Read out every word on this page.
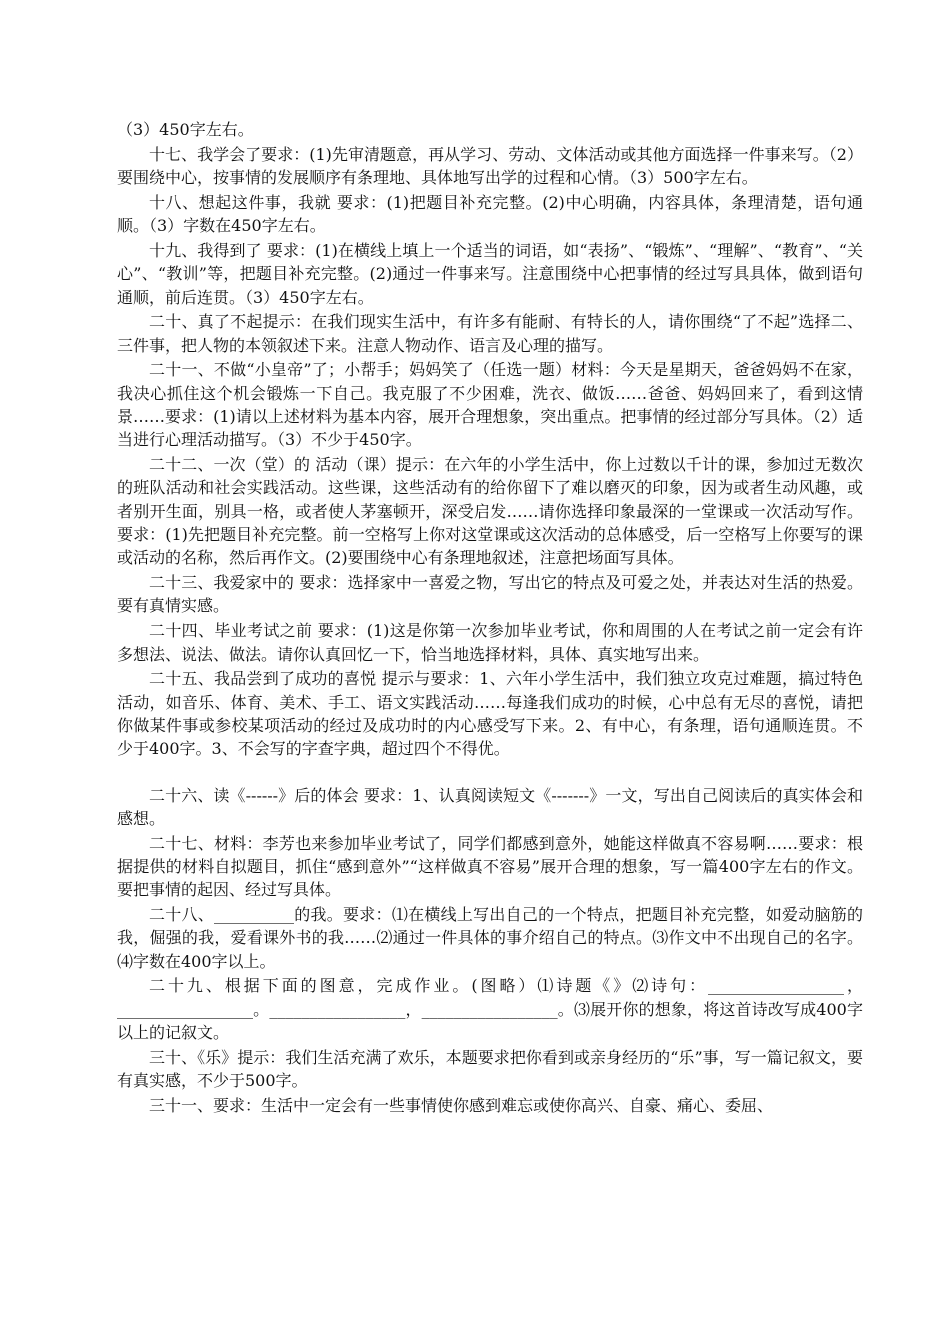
（3）450字左右。

十七、我学会了要求：(1)先审清题意，再从学习、劳动、文体活动或其他方面选择一件事来写。（2）要围绕中心，按事情的发展顺序有条理地、具体地写出学的过程和心情。（3）500字左右。

十八、想起这件事，我就 要求：(1)把题目补充完整。(2)中心明确，内容具体，条理清楚，语句通顺。（3）字数在450字左右。

十九、我得到了 要求：(1)在横线上填上一个适当的词语，如“表扬”、“锻炼”、“理解”、“教育”、“关心”、“教训”等，把题目补充完整。(2)通过一件事来写。注意围绕中心把事情的经过写具具体，做到语句通顺，前后连贯。（3）450字左右。

二十、真了不起提示：在我们现实生活中，有许多有能耐、有特长的人，请你围绕“了不起”选择二、三件事，把人物的本领叙述下来。注意人物动作、语言及心理的描写。

二十一、不做“小皇帝”了；小帮手；妈妈笑了（任选一题）材料：今天是星期天，爸爸妈妈不在家，我决心抓住这个机会锻炼一下自己。我克服了不少困难，洗衣、做饭……爸爸、妈妈回来了，看到这情景……要求：(1)请以上述材料为基本内容，展开合理想象，突出重点。把事情的经过部分写具体。（2）适当进行心理活动描写。（3）不少于450字。

二十二、一次（堂）的 活动（课）提示：在六年的小学生活中，你上过数以千计的课，参加过无数次的班队活动和社会实践活动。这些课，这些活动有的给你留下了难以磨灭的印象，因为或者生动风趣，或者别开生面，别具一格，或者使人茅塞顿开，深受启发……请你选择印象最深的一堂课或一次活动写作。要求：(1)先把题目补充完整。前一空格写上你对这堂课或这次活动的总体感受，后一空格写上你要写的课或活动的名称，然后再作文。(2)要围绕中心有条理地叙述，注意把场面写具体。

二十三、我爱家中的 要求：选择家中一喜爱之物，写出它的特点及可爱之处，并表达对生活的热爱。要有真情实感。

二十四、毕业考试之前 要求：(1)这是你第一次参加毕业考试，你和周围的人在考试之前一定会有许多想法、说法、做法。请你认真回忆一下，恰当地选择材料，具体、真实地写出来。

二十五、我品尝到了成功的喜悦 提示与要求：1、六年小学生活中，我们独立攻克过难题，搞过特色活动，如音乐、体育、美术、手工、语文实践活动……每逢我们成功的时候，心中总有无尽的喜悦，请把你做某件事或参校某项活动的经过及成功时的内心感受写下来。2、有中心，有条理，语句通顺连贯。不少于400字。3、不会写的字查字典，超过四个不得优。

二十六、读《------》后的体会 要求：1、认真阅读短文《-------》一文，写出自己阅读后的真实体会和感想。

二十七、材料：李芳也来参加毕业考试了，同学们都感到意外，她能这样做真不容易啊……要求：根据提供的材料自拟题目，抓住“感到意外”“这样做真不容易”展开合理的想象，写一篇400字左右的作文。要把事情的起因、经过写具体。

二十八、__________的我。要求：⑴在横线上写出自己的一个特点，把题目补充完整，如爱动脑筋的我，倔强的我，爱看课外书的我……⑵通过一件具体的事介绍自己的特点。⑶作文中不出现自己的名字。⑷字数在400字以上。

二十九、根据下面的图意，完成作业。(图略）⑴诗题《》⑵诗句：_________________，_________________。_________________，_________________。⑶展开你的想象，将这首诗改写成400字以上的记叙文。

三十、《乐》提示：我们生活充满了欢乐，本题要求把你看到或亲身经历的“乐”事，写一篇记叙文，要有真实感，不少于500字。

三十一、要求：生活中一定会有一些事情使你感到难忘或使你高兴、自豪、痛心、委屈、
